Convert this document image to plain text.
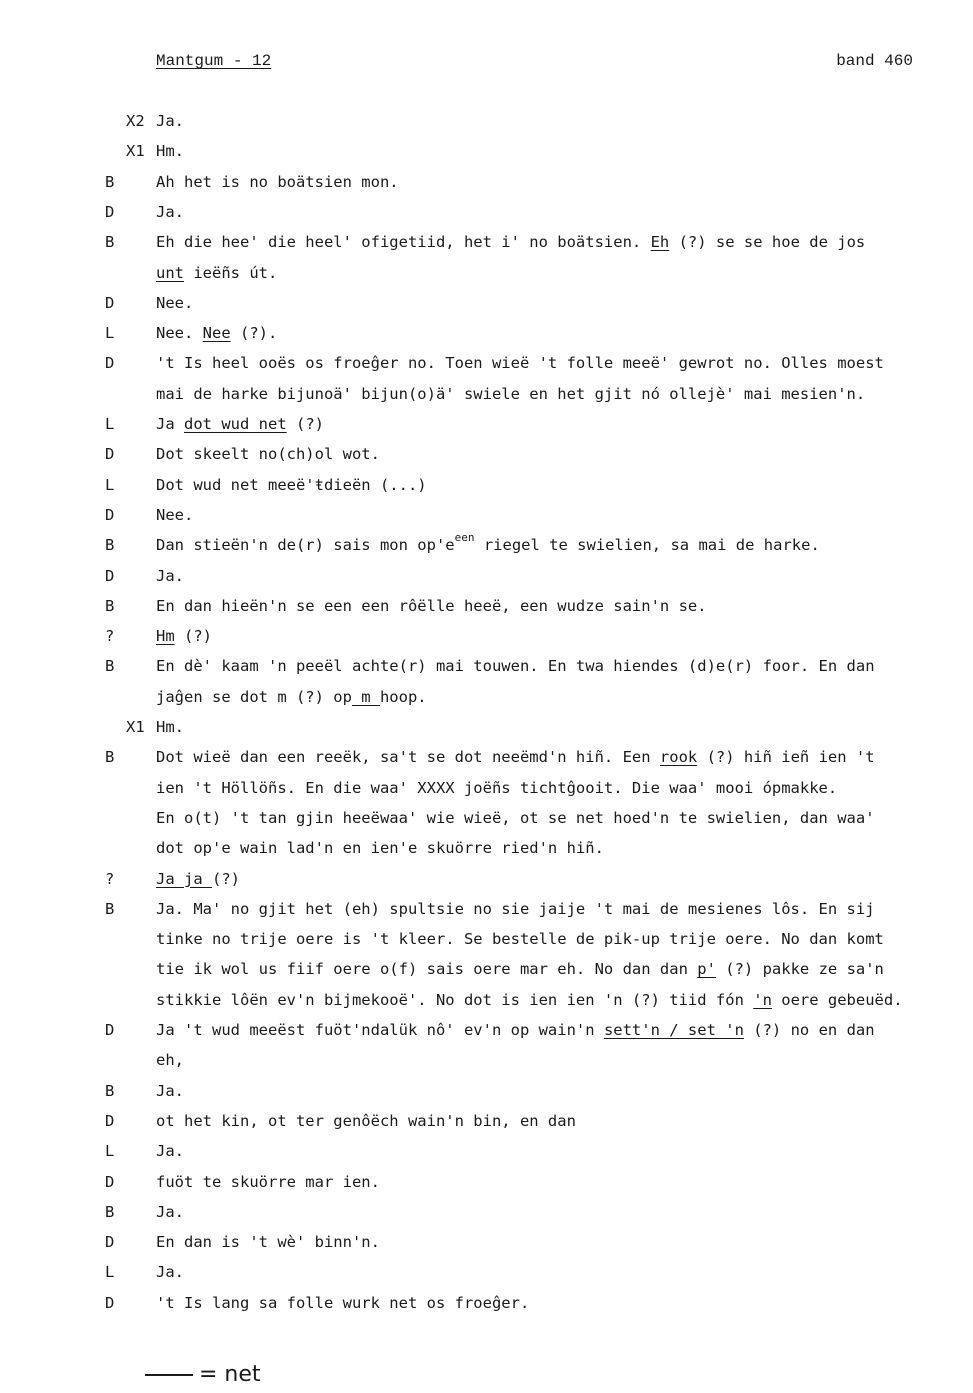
Mantgum - 12	band 460
X2 Ja.
X1 Hm.
B	Ah het is no boätsien mon.
D	Ja.
B	Eh die hee' die heel' ofigetiid, het i' no boätsien. Eh (?) se se hoe de jos
unt ieëñs út.
D	Nee.
L	Nee. Nee (?).
D	't Is heel ooës os froeĝer no. Toen wieë 't folle meeë' gewrot no. Olles moest
mai de harke bijunoä' bijun(o)ä' swiele en het gjit nó ollejè' mai mesien'n.
L	Ja dot wud net (?)
D	Dot skeelt no(ch)ol wot.
L	Dot wud net meeë'ŧdieën (...)
D	Nee.
B	Dan stieën'n de(r) sais mon $op'e^{een}$ riegel te swielien, sa mai de harke.
D	Ja.
B	En dan hieën'n se een een rôëlle heeë, een wudze sain'n se.
?	Hm (?)
B	En dè' kaam 'n peeël achte(r) mai touwen. En twa hiendes (d)e(r) foor. En dan
jaĝen se dot m (?) op m hoop.
X1 Hm.
B	Dot wieë dan een reeëk, sa't se dot neeëmd'n hiñ. Een rook (?) hiñ ieñ ien 't
ien 't Höllöñs. En die waa' XXXX joëñs tichtĝooit. Die waa' mooi ópmakke.
En o(t) 't tan gjin heeëwaa' wie wieë, ot se net hoed'n te swielien, dan waa'
dot op'e wain lad'n en ien'e skuörre ried'n hiñ.
?	Ja ja (?)
B	Ja. Ma' no gjit het (eh) spultsie no sie jaije 't mai de mesienes lôs. En sij
tinke no trije oere is 't kleer. Se bestelle de pik-up trije oere. No dan komt
tie ik wol us fiif oere o(f) sais oere mar eh. No dan dan p' (?) pakke ze sa'n
stikkie lôën ev'n bijmekooë'. No dot is ien ien 'n (?) tiid fón 'n oere gebeuëd.
D	Ja 't wud meeëst fuöt'ndalük nô' ev'n op wain'n sett'n / set 'n (?) no en dan
eh,
B	Ja.
D	ot het kin, ot ter genôëch wain'n bin, en dan
L	Ja.
D	fuöt te skuörre mar ien.
B	Ja.
D	En dan is 't wè' binn'n.
L	Ja.
D	't Is lang sa folle wurk net os froeĝer.
= net
